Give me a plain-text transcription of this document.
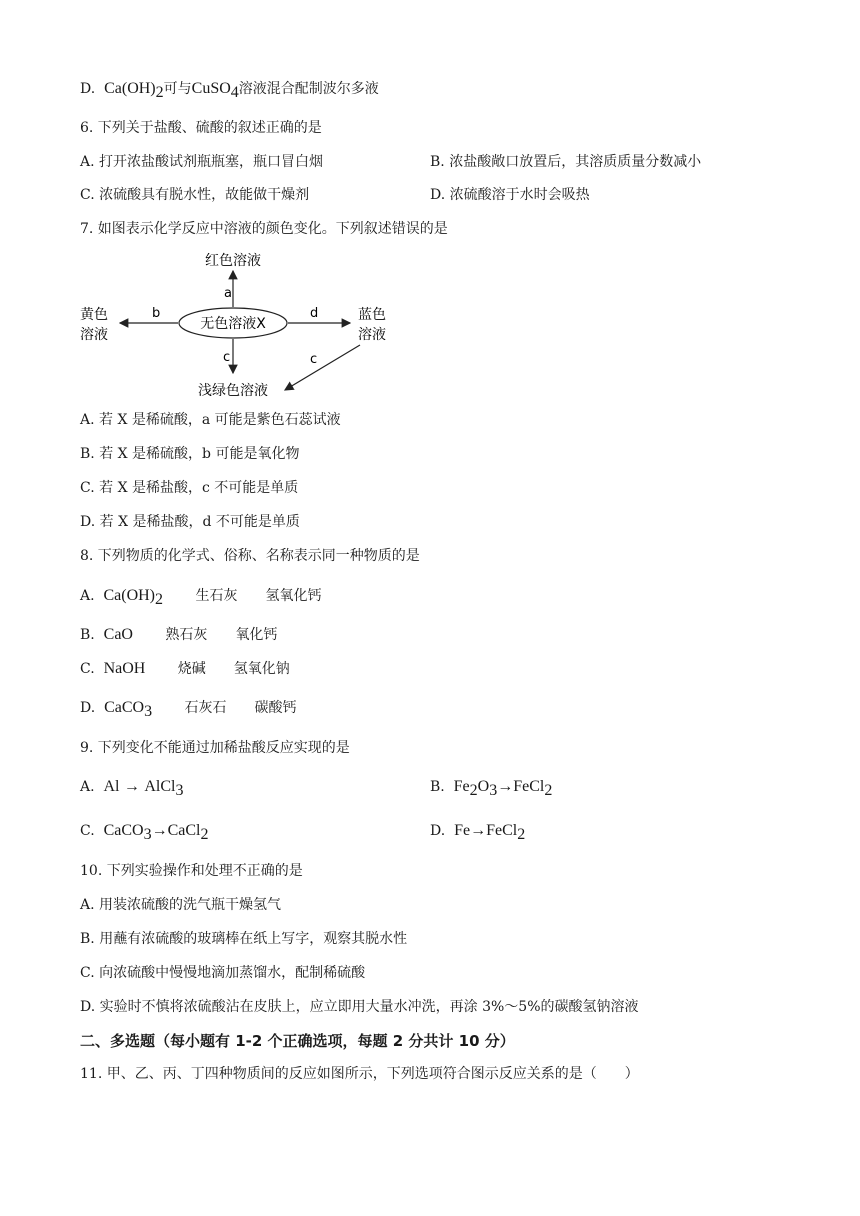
D. $Ca(OH)_2$可与CuSO$_4$溶液混合配制波尔多液
6. 下列关于盐酸、硫酸的叙述正确的是
A. 打开浓盐酸试剂瓶瓶塞，瓶口冒白烟	B. 浓盐酸敞口放置后，其溶质质量分数减小
C. 浓硫酸具有脱水性，故能做干燥剂	D. 浓硫酸溶于水时会吸热
7. 如图表示化学反应中溶液的颜色变化。下列叙述错误的是
无色溶液X
a
红色溶液
b
黄色
溶液
d	蓝色
溶液
c	c
浅绿色溶液
A. 若 X 是稀硫酸，a 可能是紫色石蕊试液
B. 若 X 是稀硫酸，b 可能是氧化物
C. 若 X 是稀盐酸，c 不可能是单质
D. 若 X 是稀盐酸，d 不可能是单质
8. 下列物质的化学式、俗称、名称表示同一种物质的是
A. $Ca(OH)_2$ 生石灰 氢氧化钙
B. CaO 熟石灰 氧化钙
C. NaOH 烧碱 氢氧化钠
D. CaCO$_3$ 石灰石 碳酸钙
9. 下列变化不能通过加稀盐酸反应实现的是
A. Al → AlCl$_3$	B. $Fe_2O_3\to FeCl_2$
C. CaCO$_3$→CaCl$_2$	D. Fe→FeCl$_2$
10. 下列实验操作和处理不正确的是
A. 用装浓硫酸的洗气瓶干燥氢气
B. 用蘸有浓硫酸的玻璃棒在纸上写字，观察其脱水性
C. 向浓硫酸中慢慢地滴加蒸馏水，配制稀硫酸
D. 实验时不慎将浓硫酸沾在皮肤上，应立即用大量水冲洗，再涂 3%～5%的碳酸氢钠溶液
二、多选题（每小题有 1-2 个正确选项，每题 2 分共计 10 分）
11. 甲、乙、丙、丁四种物质间的反应如图所示，下列选项符合图示反应关系的是（　　）
